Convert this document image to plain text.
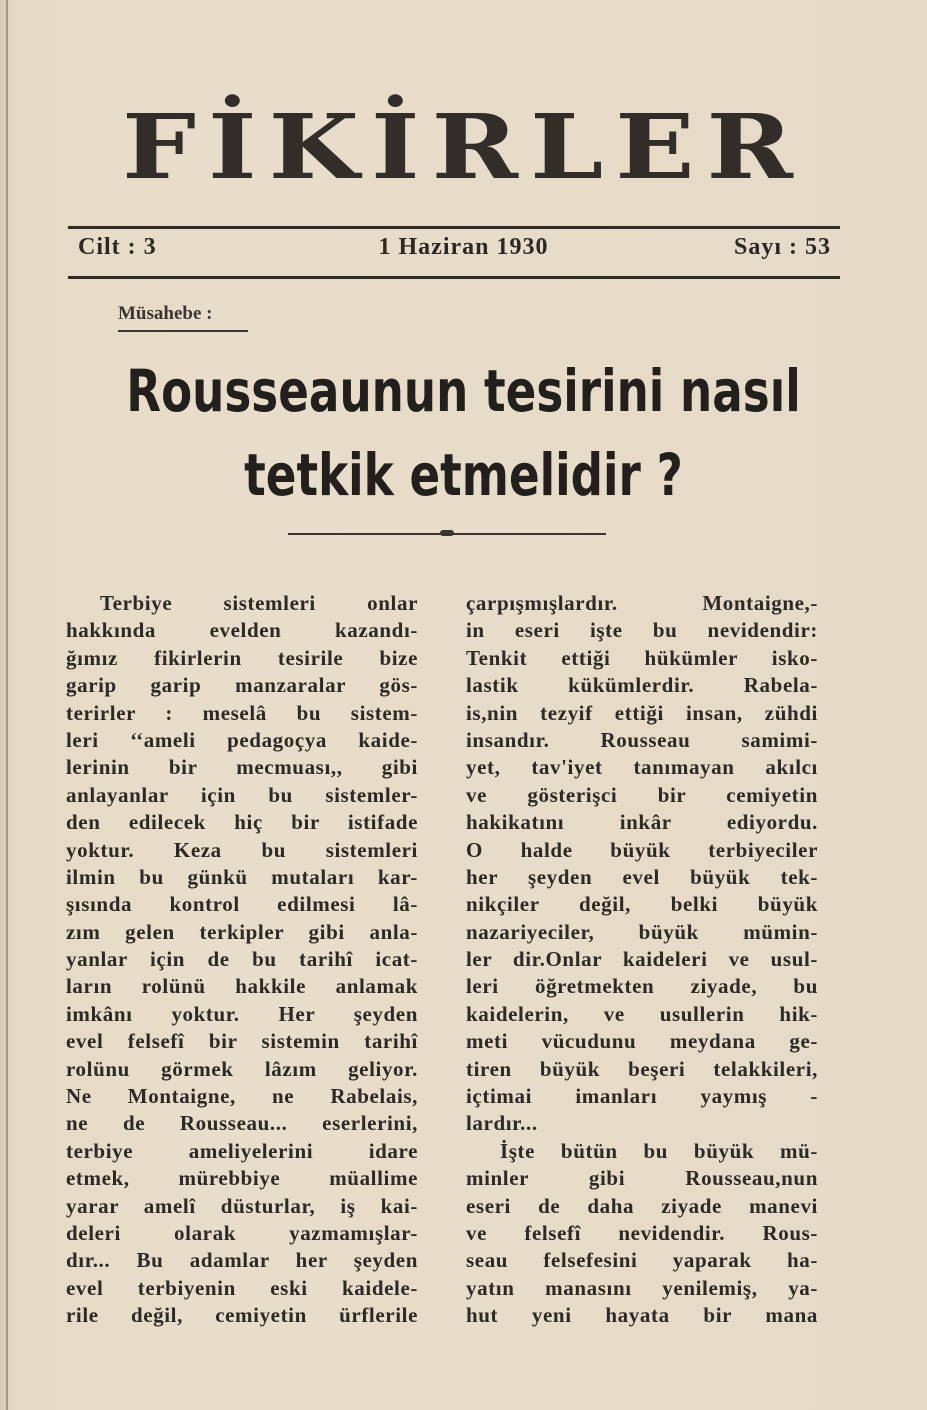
FİKİRLER
Cilt : 3	1 Haziran 1930	Sayı : 53
Müsahebe :
Rousseaunun tesirini nasıl
tetkik etmelidir ?
Terbiye sistemleri onlar
hakkında evelden kazandı-
ğımız fikirlerin tesirile bize
garip garip manzaralar gös-
terirler : meselâ bu sistem-
leri ‘‘ameli pedagoçya kaide-
lerinin bir mecmuası,, gibi
anlayanlar için bu sistemler-
den edilecek hiç bir istifade
yoktur. Keza bu sistemleri
ilmin bu günkü mutaları kar-
şısında kontrol edilmesi lâ-
zım gelen terkipler gibi anla-
yanlar için de bu tarihî icat-
ların rolünü hakkile anlamak
imkânı yoktur. Her şeyden
evel felsefî bir sistemin tarihî
rolünu görmek lâzım geliyor.
Ne Montaigne, ne Rabelais,
ne de Rousseau... eserlerini,
terbiye ameliyelerini idare
etmek, mürebbiye müallime
yarar amelî düsturlar, iş kai-
deleri olarak yazmamışlar-
dır... Bu adamlar her şeyden
evel terbiyenin eski kaidele-
rile değil, cemiyetin ürflerile
çarpışmışlardır. Montaigne,-
in eseri işte bu nevidendir:
Tenkit ettiği hükümler isko-
lastik kükümlerdir. Rabela-
is,nin tezyif ettiği insan, zühdi
insandır. Rousseau samimi-
yet, tav'iyet tanımayan akılcı
ve gösterişci bir cemiyetin
hakikatını inkâr ediyordu.
O halde büyük terbiyeciler
her şeyden evel büyük tek-
nikçiler değil, belki büyük
nazariyeciler, büyük mümin-
ler dir.Onlar kaideleri ve usul-
leri öğretmekten ziyade, bu
kaidelerin, ve usullerin hik-
meti vücudunu meydana ge-
tiren büyük beşeri telakkileri,
içtimai imanları yaymış -
lardır...
İşte bütün bu büyük mü-
minler gibi Rousseau,nun
eseri de daha ziyade manevi
ve felsefî nevidendir. Rous-
seau felsefesini yaparak ha-
yatın manasını yenilemiş, ya-
hut yeni hayata bir mana
